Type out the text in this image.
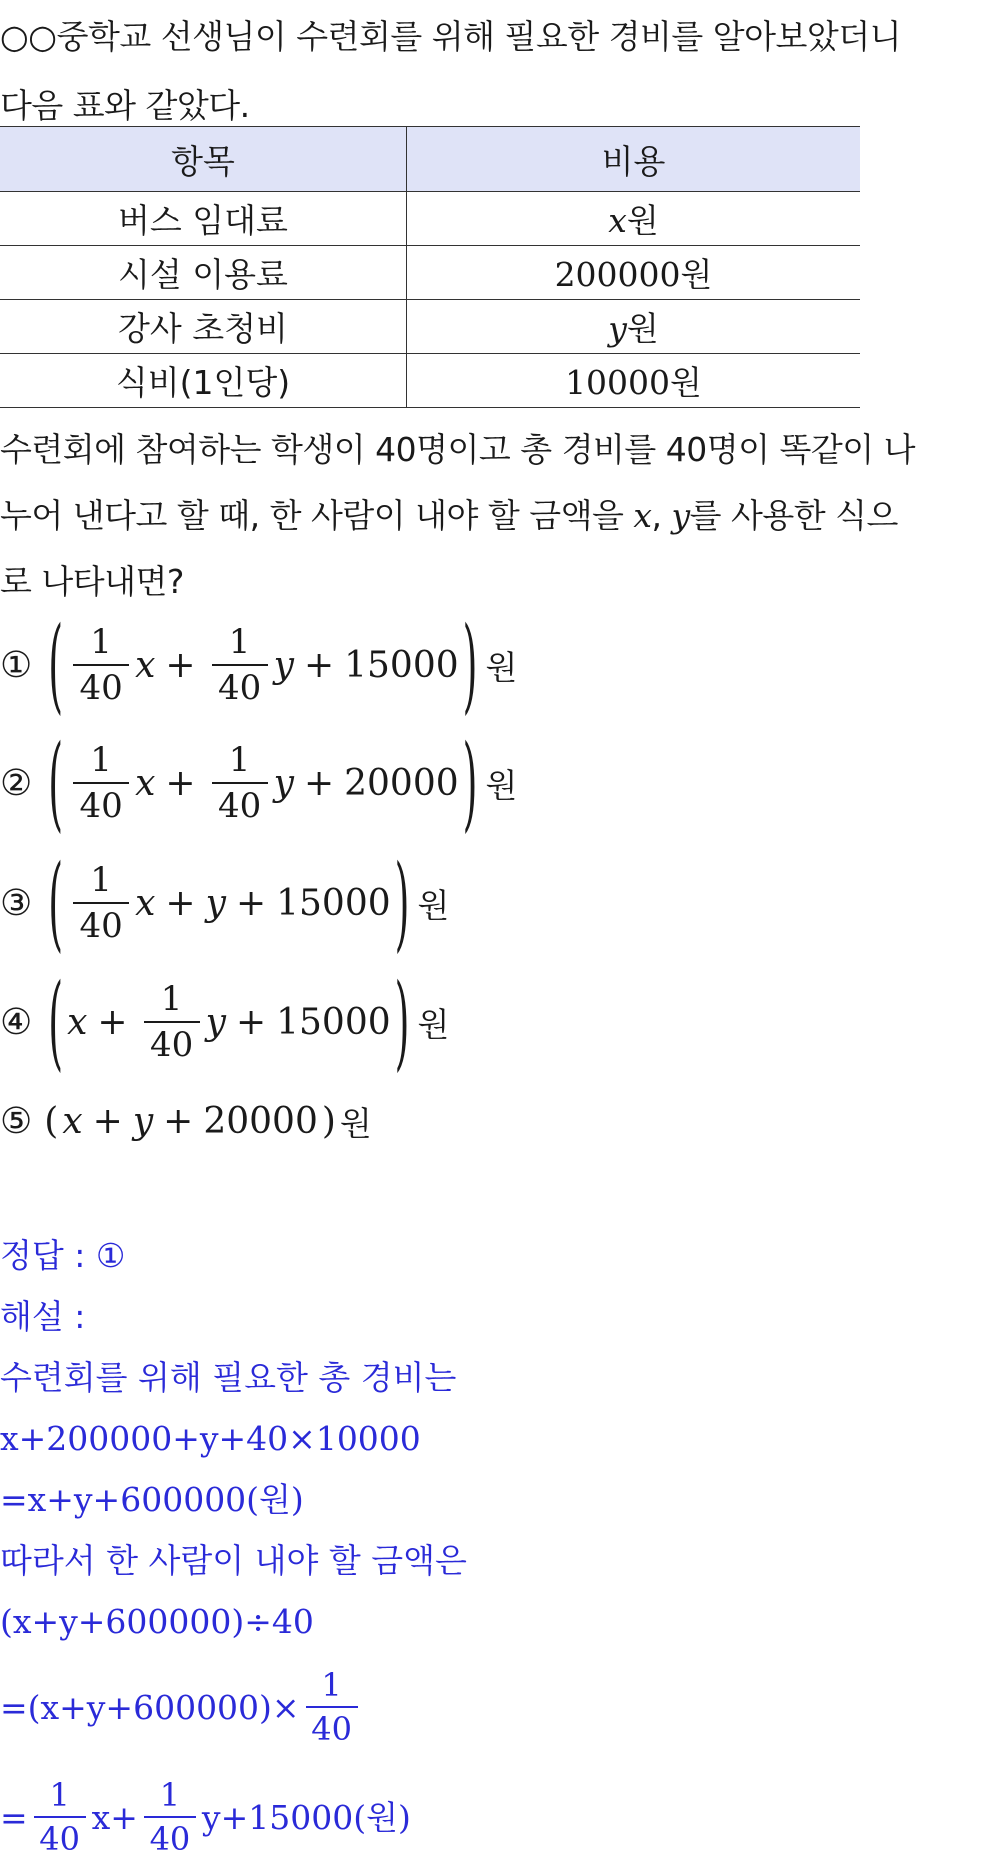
○○중학교 선생님이 수련회를 위해 필요한 경비를 알아보았더니
다음 표와 같았다.
항목	비용
버스 임대료	x원
시설 이용료	200000원
강사 초청비	y원
식비(1인당)	10000원
수련회에 참여하는 학생이 40명이고 총 경비를 40명이 똑같이 나
누어 낸다고 할 때, 한 사람이 내야 할 금액을 x, y를 사용한 식으
로 나타내면?
① ( $\frac{1}{40}$ $x + \frac{1}{40}$ y + 15000 ) 원
② ( $\frac{1}{40}$ $x + \frac{1}{40}$ y + 20000 ) 원
③ ( $\frac{1}{40}$ x + y + 15000 ) 원
④ ( $x + \frac{1}{40}$ y + 15000 ) 원
⑤ ( x + y + 20000 ) 원
정답 : ①
해설 :
수련회를 위해 필요한 총 경비는
x+200000+y+40×10000
=x+y+600000(원)
따라서 한 사람이 내야 할 금액은
(x+y+600000)÷40
$=(x+y+600000)\times \frac{1}{40}$
= $\frac{1}{40} x+ \frac{1}{40} y+15000$(원)
